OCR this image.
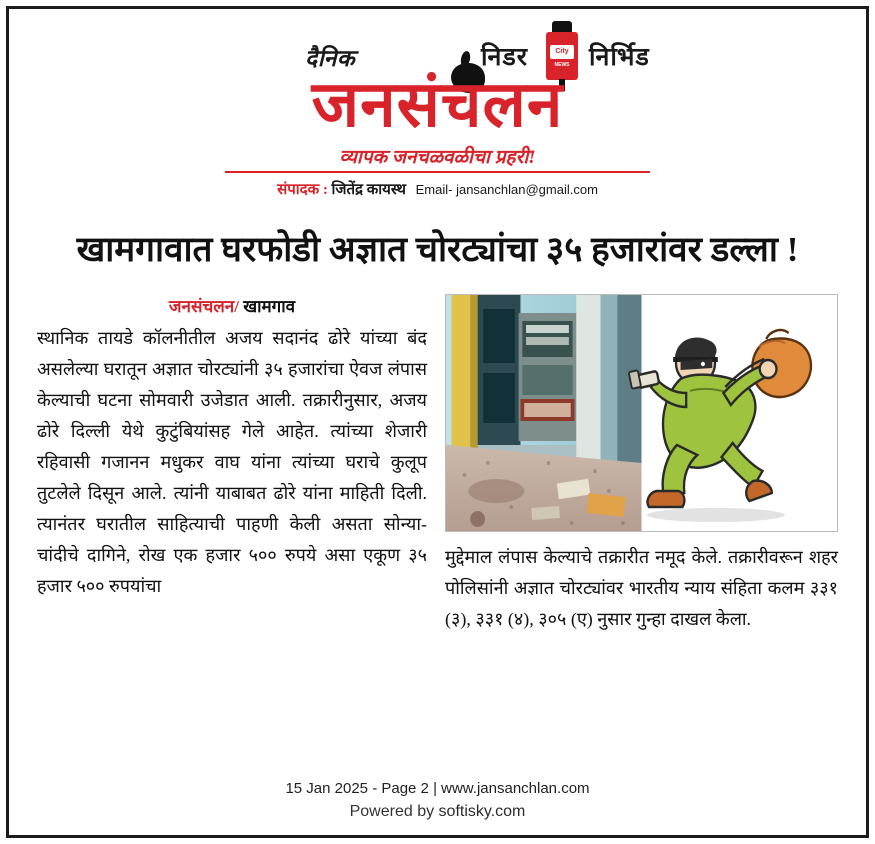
दैनिक	निडर	City
NEWS निर्भिड
जनसंचलन
व्यापक जनचळवळीचा प्रहरी!
संपादक : जितेंद्र कायस्थ Email- jansanchlan@gmail.com
खामगावात घरफोडी अज्ञात चोरट्यांचा ३५ हजारांवर डल्ला !
जनसंचलन/ खामगाव
स्थानिक तायडे कॉलनीतील अजय सदानंद ढोरे यांच्या बंद असलेल्या घरातून अज्ञात चोरट्यांनी ३५ हजारांचा ऐवज लंपास केल्याची घटना सोमवारी उजेडात आली. तक्रारीनुसार, अजय ढोरे दिल्ली येथे कुटुंबियांसह गेले आहेत. त्यांच्या शेजारी रहिवासी गजानन मधुकर वाघ यांना त्यांच्या घराचे कुलूप तुटलेले दिसून आले. त्यांनी याबाबत ढोरे यांना माहिती दिली. त्यानंतर घरातील साहित्याची पाहणी केली असता सोन्या-चांदीचे दागिने, रोख एक हजार ५०० रुपये असा एकूण ३५ हजार ५०० रुपयांचा
मुद्देमाल लंपास केल्याचे तक्रारीत नमूद केले. तक्रारीवरून शहर पोलिसांनी अज्ञात चोरट्यांवर भारतीय न्याय संहिता कलम ३३१ (३), ३३१ (४), ३०५ (ए) नुसार गुन्हा दाखल केला.
15 Jan 2025 - Page 2 | www.jansanchlan.com
Powered by softisky.com
